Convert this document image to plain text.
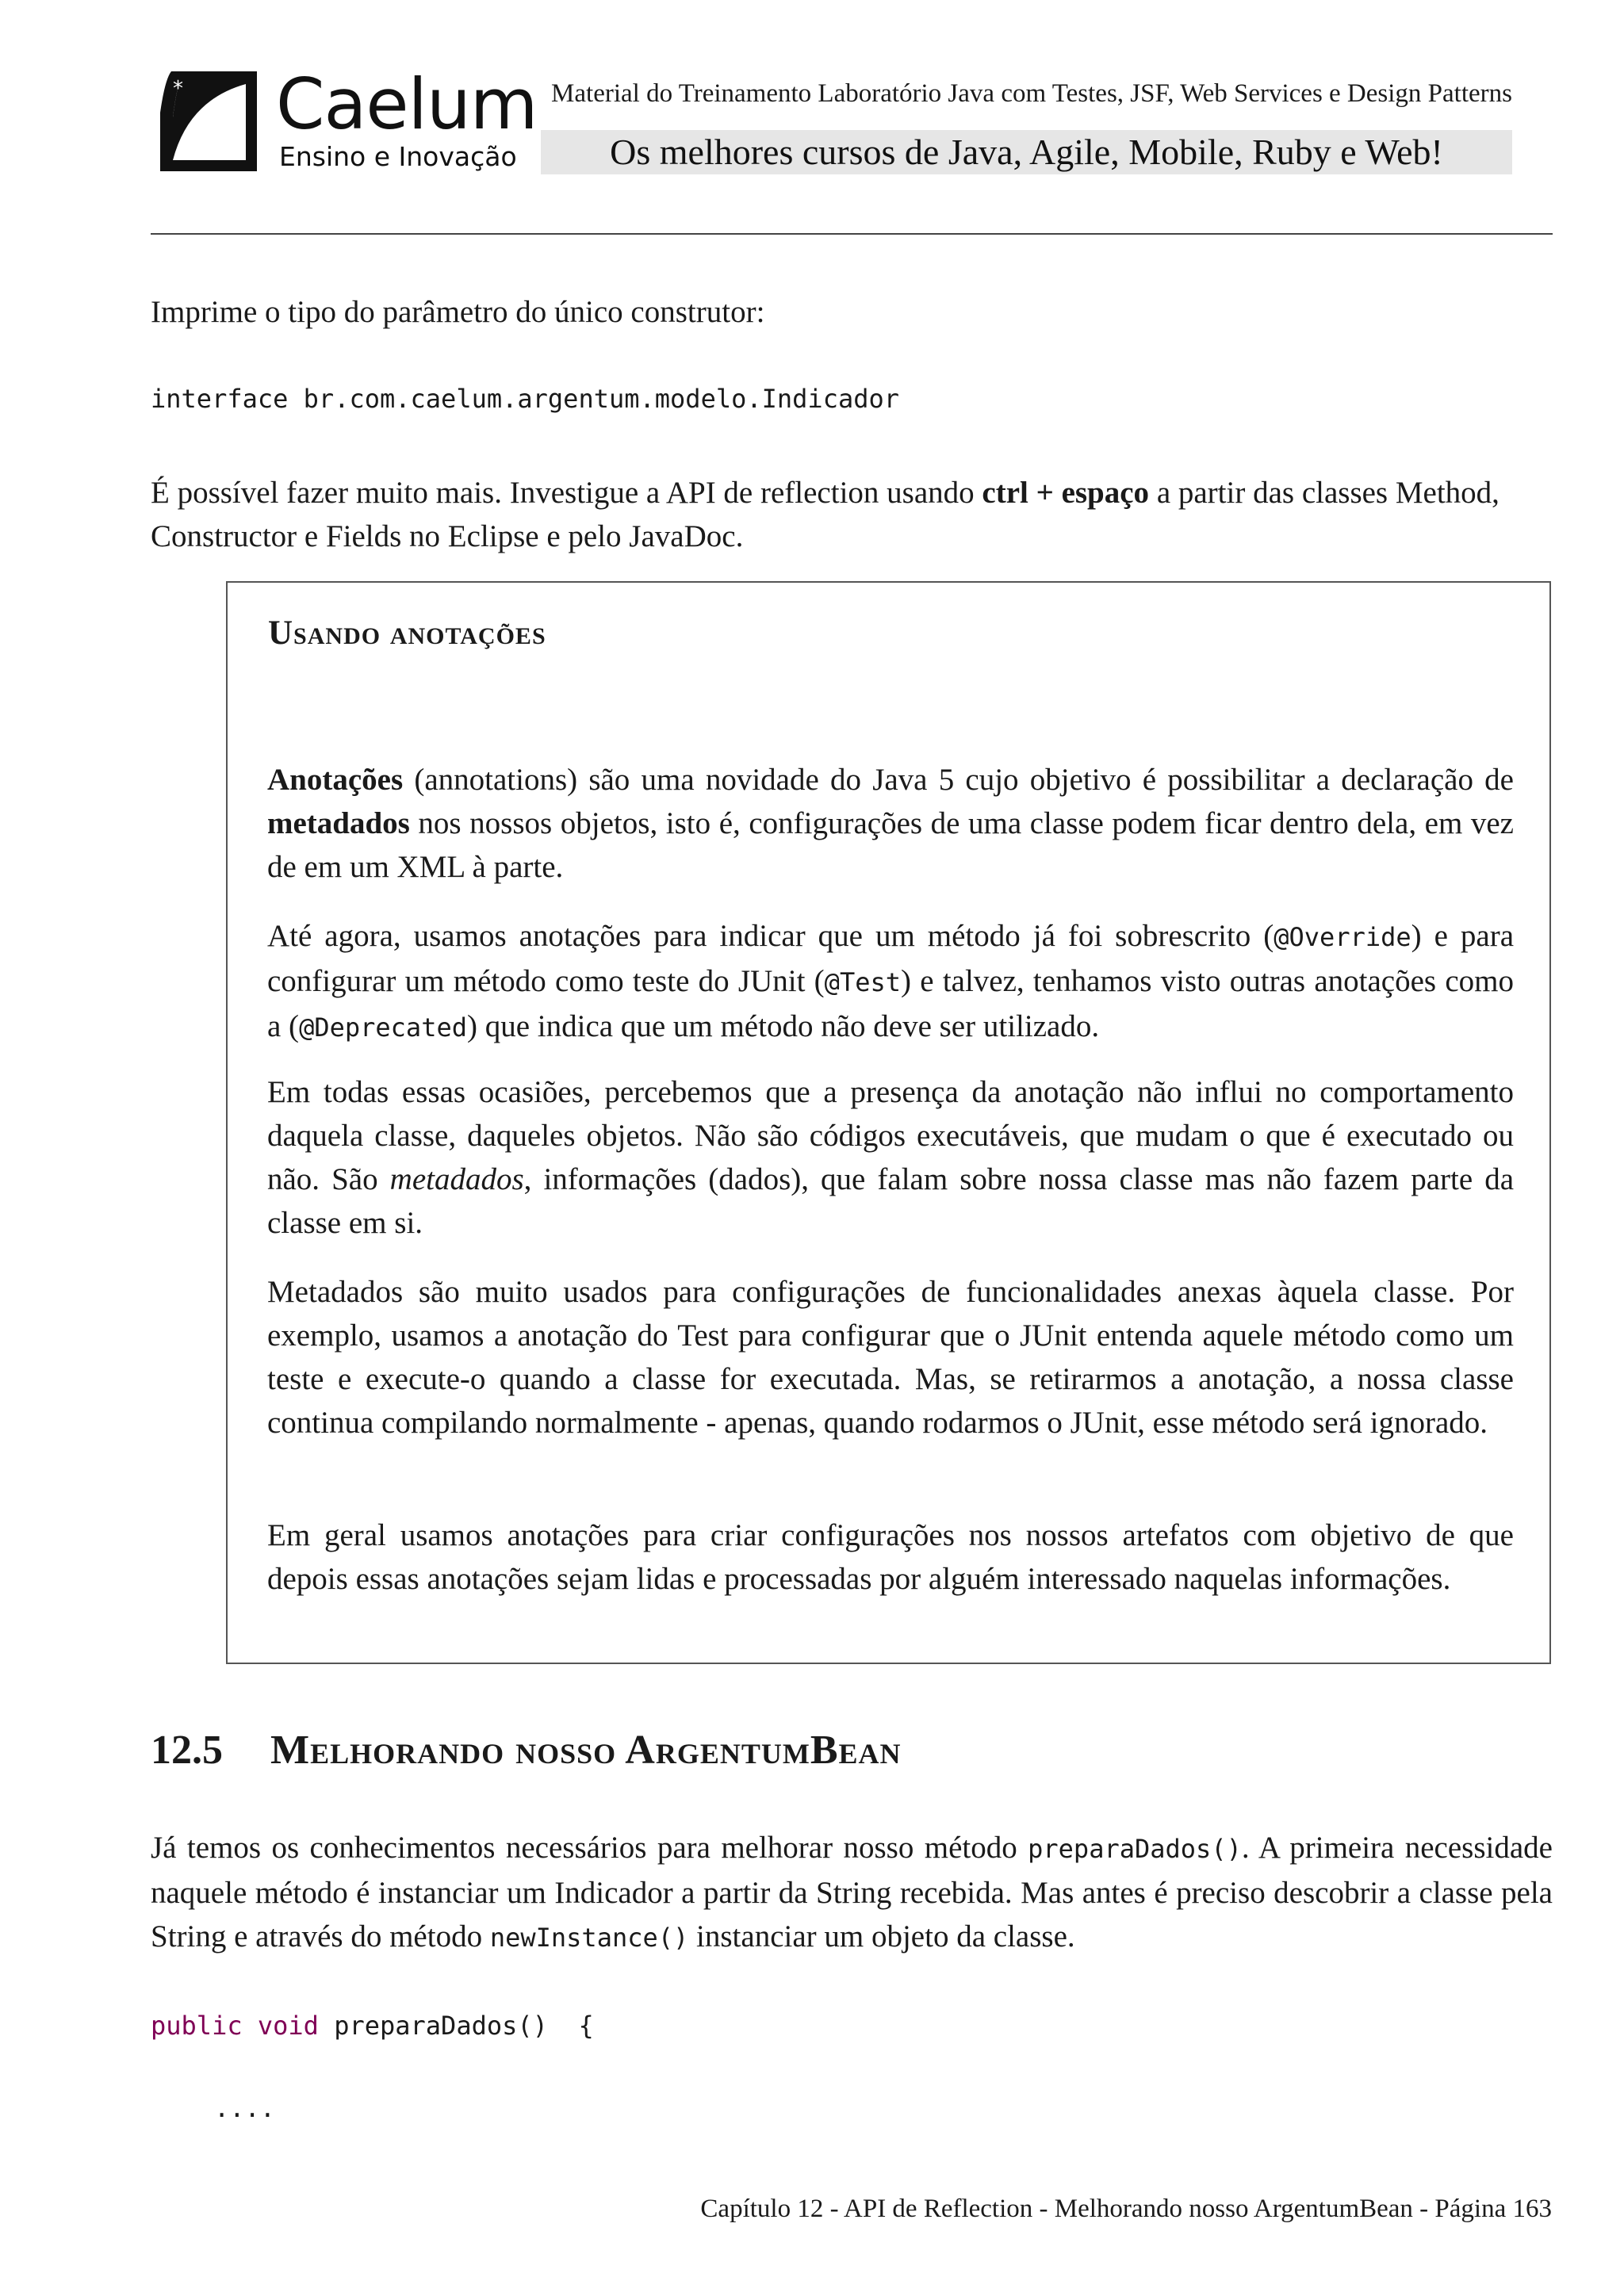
* Caelum
Ensino e Inovação
Material do Treinamento Laboratório Java com Testes, JSF, Web Services e Design Patterns
Os melhores cursos de Java, Agile, Mobile, Ruby e Web!

Imprime o tipo do parâmetro do único construtor:

interface br.com.caelum.argentum.modelo.Indicador

É possível fazer muito mais. Investigue a API de reflection usando ctrl + espaço a partir das classes Method, Constructor e Fields no Eclipse e pelo JavaDoc.

Usando anotações

Anotações (annotations) são uma novidade do Java 5 cujo objetivo é possibilitar a declaração de metadados nos nossos objetos, isto é, configurações de uma classe podem ficar dentro dela, em vez de em um XML à parte.

Até agora, usamos anotações para indicar que um método já foi sobrescrito (@Override) e para configurar um método como teste do JUnit (@Test) e talvez, tenhamos visto outras anotações como a (@Deprecated) que indica que um método não deve ser utilizado.

Em todas essas ocasiões, percebemos que a presença da anotação não influi no comportamento daquela classe, daqueles objetos. Não são códigos executáveis, que mudam o que é executado ou não. São metadados, informações (dados), que falam sobre nossa classe mas não fazem parte da classe em si.

Metadados são muito usados para configurações de funcionalidades anexas àquela classe. Por exemplo, usamos a anotação do Test para configurar que o JUnit entenda aquele método como um teste e execute-o quando a classe for executada. Mas, se retirarmos a anotação, a nossa classe continua compilando normalmente - apenas, quando rodarmos o JUnit, esse método será ignorado.

Em geral usamos anotações para criar configurações nos nossos artefatos com objetivo de que depois essas anotações sejam lidas e processadas por alguém interessado naquelas informações.

12.5 Melhorando nosso ArgentumBean

Já temos os conhecimentos necessários para melhorar nosso método preparaDados(). A primeira necessidade naquele método é instanciar um Indicador a partir da String recebida. Mas antes é preciso descobrir a classe pela String e através do método newInstance() instanciar um objeto da classe.

public void preparaDados()  {
....
Capítulo 12 - API de Reflection - Melhorando nosso ArgentumBean - Página 163
